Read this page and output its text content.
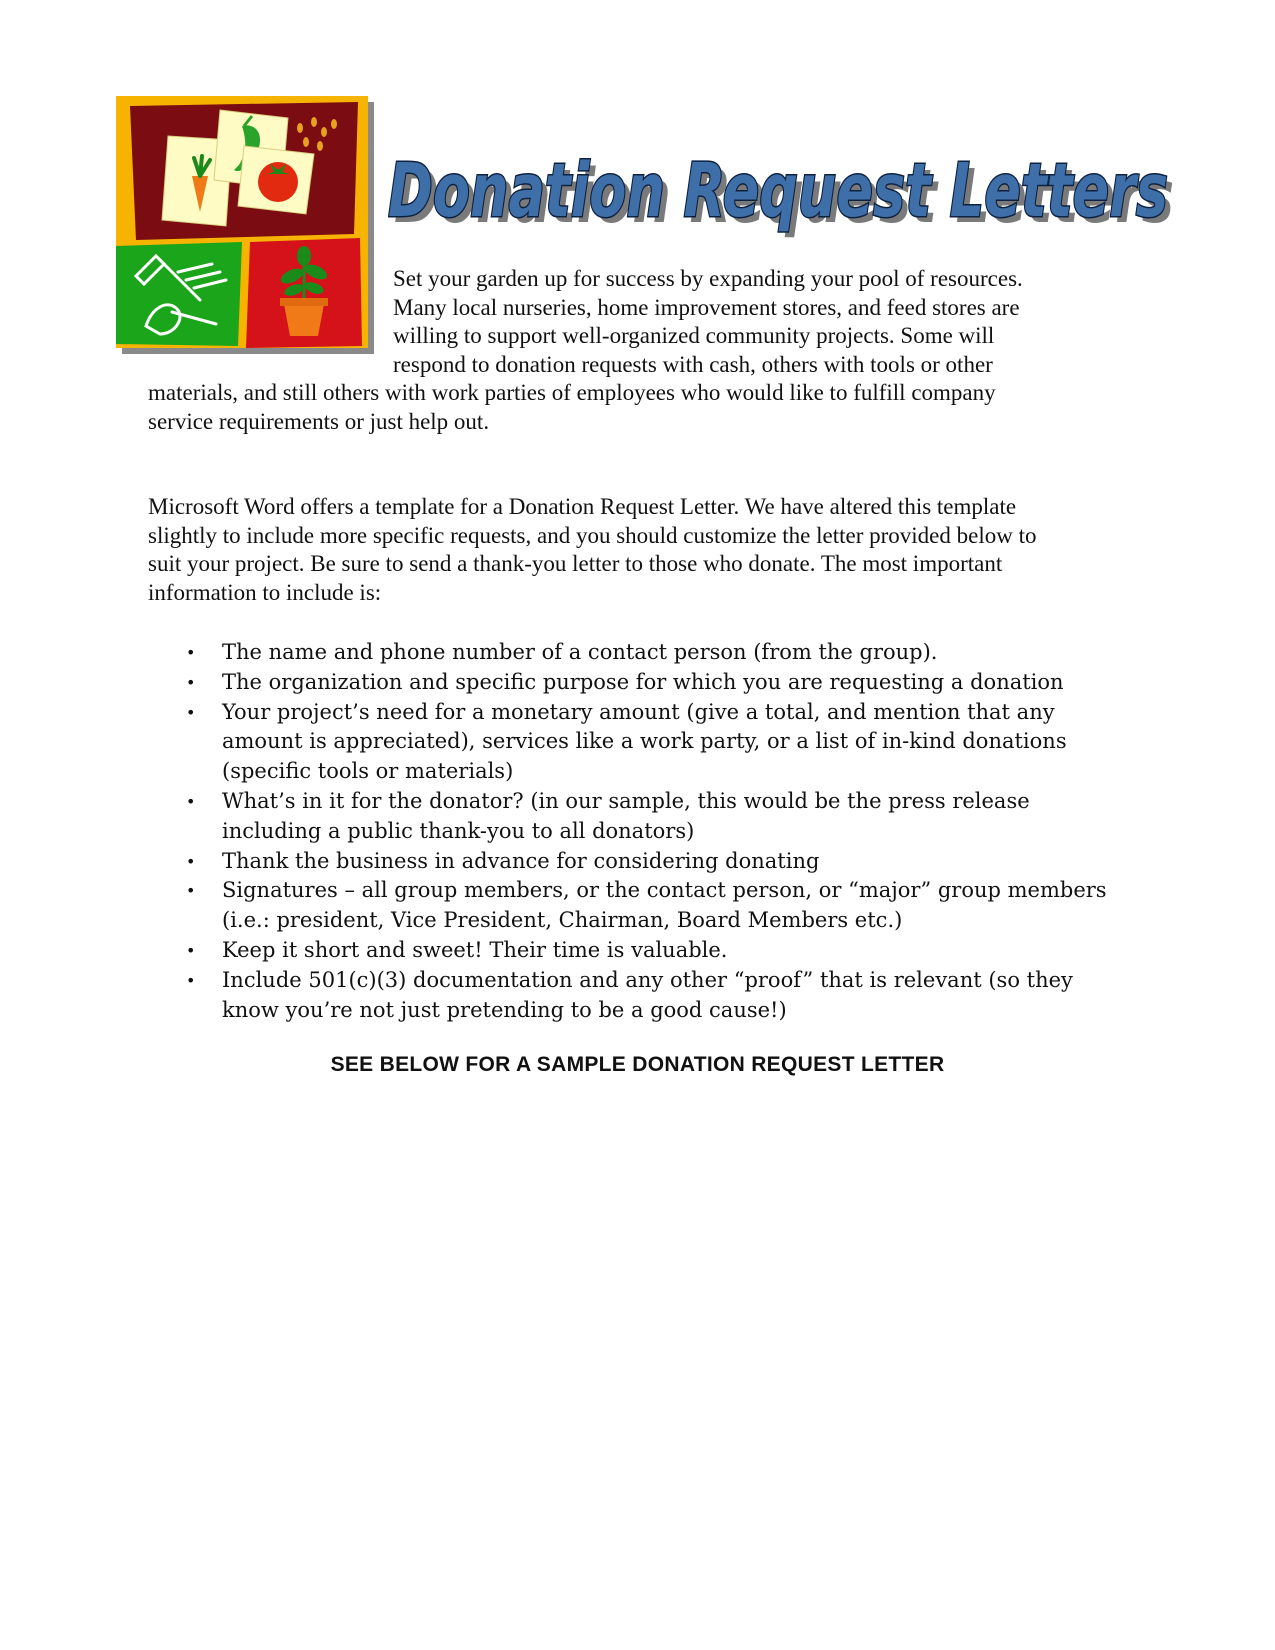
Donation Request Letters
Donation Request Letters
Set your garden up for success by expanding your pool of resources.
Many local nurseries, home improvement stores, and feed stores are
willing to support well-organized community projects. Some will
respond to donation requests with cash, others with tools or other
materials, and still others with work parties of employees who would like to fulfill company
service requirements or just help out.
Microsoft Word offers a template for a Donation Request Letter. We have altered this template
slightly to include more specific requests, and you should customize the letter provided below to
suit your project. Be sure to send a thank-you letter to those who donate. The most important
information to include is:
• The name and phone number of a contact person (from the group).
• The organization and specific purpose for which you are requesting a donation
• Your project’s need for a monetary amount (give a total, and mention that any
amount is appreciated), services like a work party, or a list of in-kind donations
(specific tools or materials)
• What’s in it for the donator? (in our sample, this would be the press release
including a public thank-you to all donators)
• Thank the business in advance for considering donating
• Signatures – all group members, or the contact person, or “major” group members
(i.e.: president, Vice President, Chairman, Board Members etc.)
• Keep it short and sweet! Their time is valuable.
• Include 501(c)(3) documentation and any other “proof” that is relevant (so they
know you’re not just pretending to be a good cause!)
SEE BELOW FOR A SAMPLE DONATION REQUEST LETTER
